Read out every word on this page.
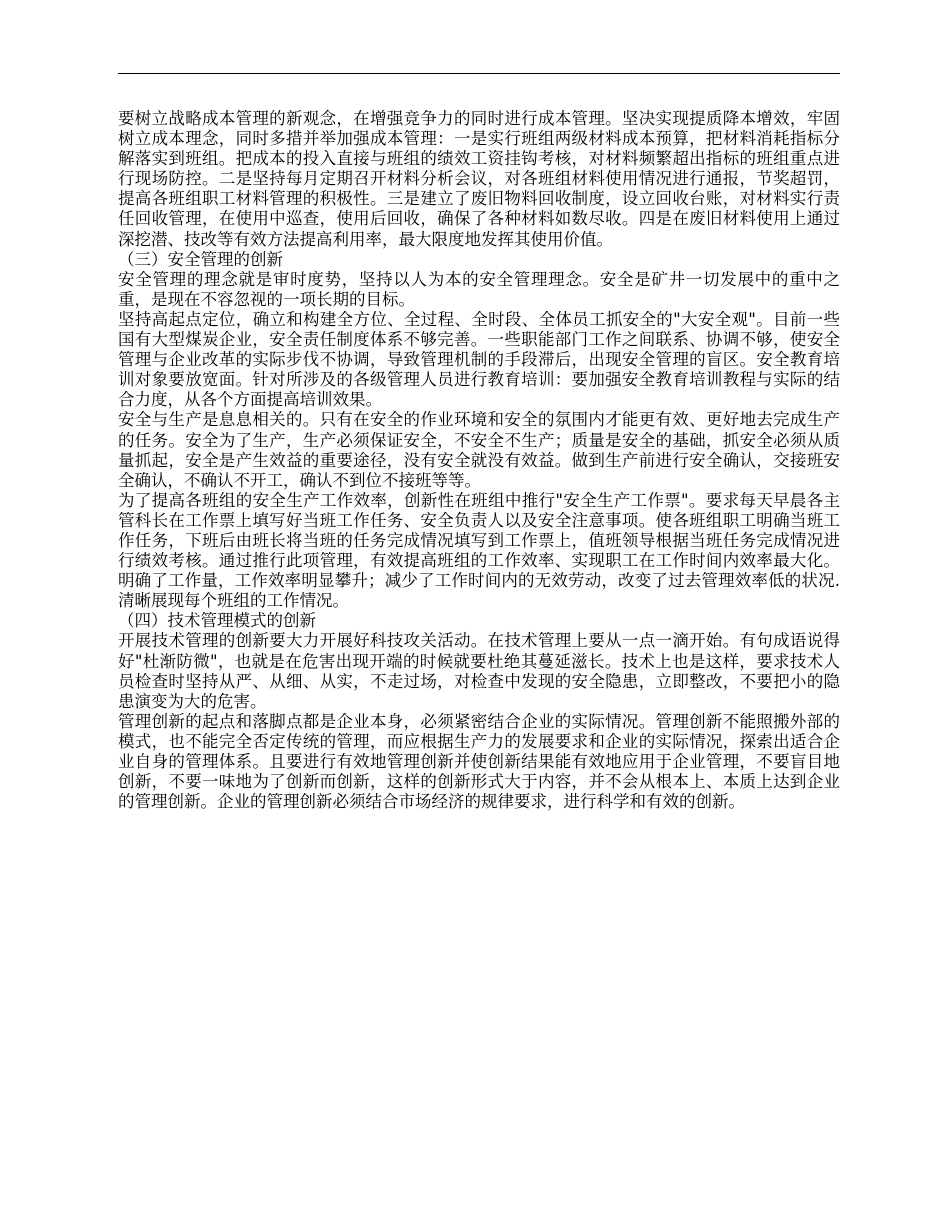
要树立战略成本管理的新观念，在增强竞争力的同时进行成本管理。坚决实现提质降本增效，牢固树立成本理念，同时多措并举加强成本管理：一是实行班组两级材料成本预算，把材料消耗指标分解落实到班组。把成本的投入直接与班组的绩效工资挂钩考核，对材料频繁超出指标的班组重点进行现场防控。二是坚持每月定期召开材料分析会议，对各班组材料使用情况进行通报，节奖超罚，提高各班组职工材料管理的积极性。三是建立了废旧物料回收制度，设立回收台账，对材料实行责任回收管理，在使用中巡查，使用后回收，确保了各种材料如数尽收。四是在废旧材料使用上通过深挖潜、技改等有效方法提高利用率，最大限度地发挥其使用价值。

（三）安全管理的创新

安全管理的理念就是审时度势，坚持以人为本的安全管理理念。安全是矿井一切发展中的重中之重，是现在不容忽视的一项长期的目标。

坚持高起点定位，确立和构建全方位、全过程、全时段、全体员工抓安全的"大安全观"。目前一些国有大型煤炭企业，安全责任制度体系不够完善。一些职能部门工作之间联系、协调不够，使安全管理与企业改革的实际步伐不协调，导致管理机制的手段滞后，出现安全管理的盲区。安全教育培训对象要放宽面。针对所涉及的各级管理人员进行教育培训：要加强安全教育培训教程与实际的结合力度，从各个方面提高培训效果。

安全与生产是息息相关的。只有在安全的作业环境和安全的氛围内才能更有效、更好地去完成生产的任务。安全为了生产，生产必须保证安全，不安全不生产；质量是安全的基础，抓安全必须从质量抓起，安全是产生效益的重要途径，没有安全就没有效益。做到生产前进行安全确认，交接班安全确认，不确认不开工，确认不到位不接班等等。

为了提高各班组的安全生产工作效率，创新性在班组中推行"安全生产工作票"。要求每天早晨各主管科长在工作票上填写好当班工作任务、安全负责人以及安全注意事项。使各班组职工明确当班工作任务，下班后由班长将当班的任务完成情况填写到工作票上，值班领导根据当班任务完成情况进行绩效考核。通过推行此项管理，有效提高班组的工作效率、实现职工在工作时间内效率最大化。明确了工作量，工作效率明显攀升；减少了工作时间内的无效劳动，改变了过去管理效率低的状况.清晰展现每个班组的工作情况。

（四）技术管理模式的创新

开展技术管理的创新要大力开展好科技攻关活动。在技术管理上要从一点一滴开始。有句成语说得好"杜渐防微"，也就是在危害出现开端的时候就要杜绝其蔓延滋长。技术上也是这样，要求技术人员检查时坚持从严、从细、从实，不走过场，对检查中发现的安全隐患，立即整改，不要把小的隐患演变为大的危害。

管理创新的起点和落脚点都是企业本身，必须紧密结合企业的实际情况。管理创新不能照搬外部的模式，也不能完全否定传统的管理，而应根据生产力的发展要求和企业的实际情况，探索出适合企业自身的管理体系。且要进行有效地管理创新并使创新结果能有效地应用于企业管理，不要盲目地创新，不要一味地为了创新而创新，这样的创新形式大于内容，并不会从根本上、本质上达到企业的管理创新。企业的管理创新必须结合市场经济的规律要求，进行科学和有效的创新。
